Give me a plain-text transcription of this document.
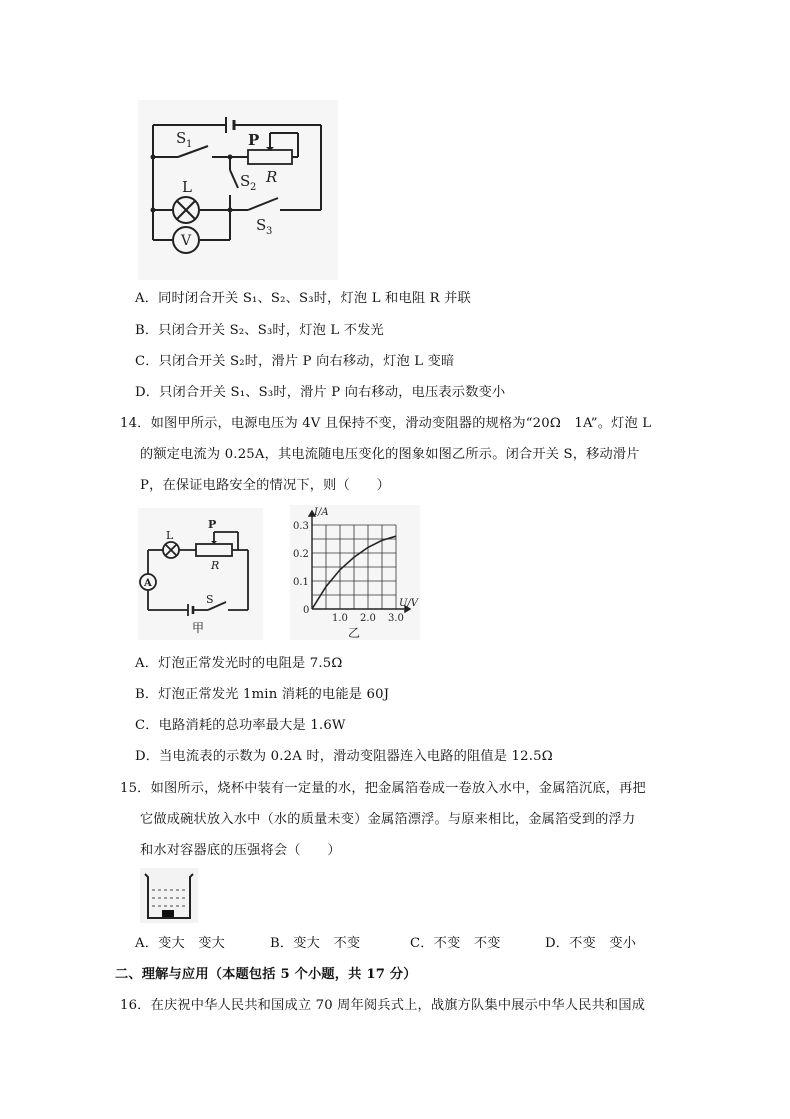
S 1	P
R
S 2
L
S 3
V
A．同时闭合开关 S₁、S₂、S₃时，灯泡 L 和电阻 R 并联
B．只闭合开关 S₂、S₃时，灯泡 L 不发光
C．只闭合开关 S₂时，滑片 P 向右移动，灯泡 L 变暗
D．只闭合开关 S₁、S₃时，滑片 P 向右移动，电压表示数变小
14．如图甲所示，电源电压为 4V 且保持不变，滑动变阻器的规格为“20Ω　1A”。灯泡 L
的额定电流为 0.25A，其电流随电压变化的图象如图乙所示。闭合开关 S，移动滑片
P，在保证电路安全的情况下，则（　　）
L
P
R
A
S
甲
1.0 2.0 3.0
0.1
0.2
0.3
0
U/V
I/A
乙
A．灯泡正常发光时的电阻是 7.5Ω
B．灯泡正常发光 1min 消耗的电能是 60J
C．电路消耗的总功率最大是 1.6W
D．当电流表的示数为 0.2A 时，滑动变阻器连入电路的阻值是 12.5Ω
15．如图所示，烧杯中装有一定量的水，把金属箔卷成一卷放入水中，金属箔沉底，再把
它做成碗状放入水中（水的质量未变）金属箔漂浮。与原来相比，金属箔受到的浮力
和水对容器底的压强将会（　　）
A．变大　变大	B．变大　不变	C．不变　不变	D．不变　变小
二、理解与应用（本题包括 5 个小题，共 17 分）
16．在庆祝中华人民共和国成立 70 周年阅兵式上，战旗方队集中展示中华人民共和国成
